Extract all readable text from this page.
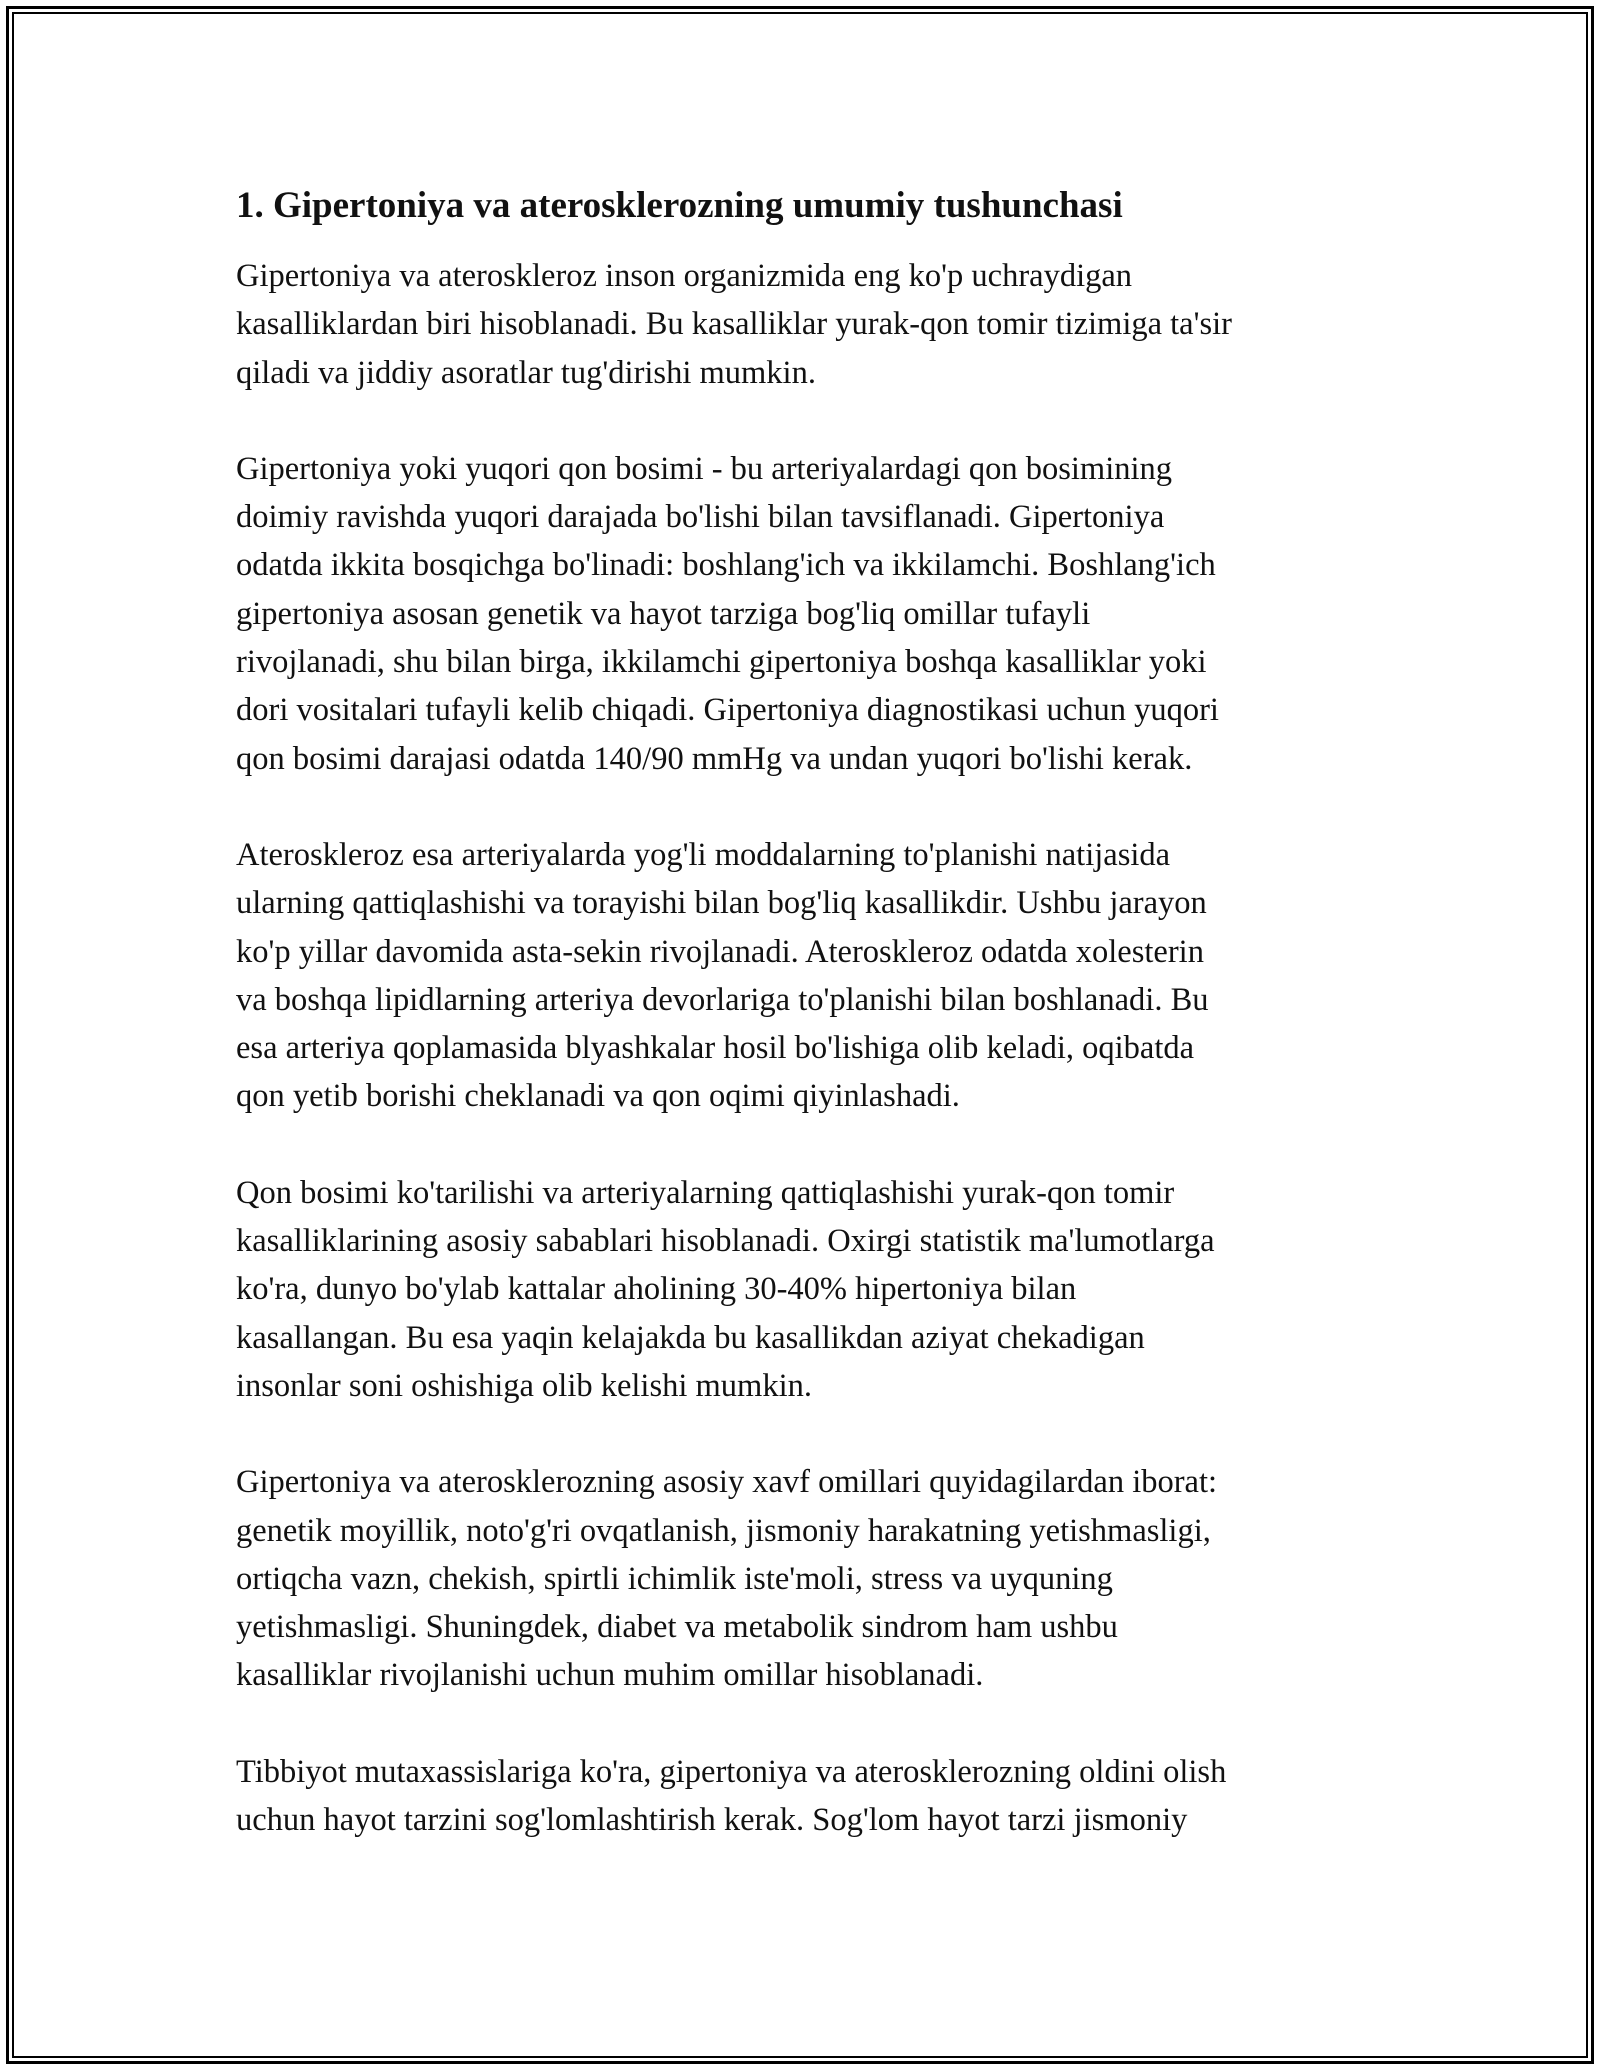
1. Gipertoniya va aterosklerozning umumiy tushunchasi
Gipertoniya va ateroskleroz inson organizmida eng ko'p uchraydigan
kasalliklardan biri hisoblanadi. Bu kasalliklar yurak-qon tomir tizimiga ta'sir
qiladi va jiddiy asoratlar tug'dirishi mumkin.
Gipertoniya yoki yuqori qon bosimi - bu arteriyalardagi qon bosimining
doimiy ravishda yuqori darajada bo'lishi bilan tavsiflanadi. Gipertoniya
odatda ikkita bosqichga bo'linadi: boshlang'ich va ikkilamchi. Boshlang'ich
gipertoniya asosan genetik va hayot tarziga bog'liq omillar tufayli
rivojlanadi, shu bilan birga, ikkilamchi gipertoniya boshqa kasalliklar yoki
dori vositalari tufayli kelib chiqadi. Gipertoniya diagnostikasi uchun yuqori
qon bosimi darajasi odatda 140/90 mmHg va undan yuqori bo'lishi kerak.
Ateroskleroz esa arteriyalarda yog'li moddalarning to'planishi natijasida
ularning qattiqlashishi va torayishi bilan bog'liq kasallikdir. Ushbu jarayon
ko'p yillar davomida asta-sekin rivojlanadi. Ateroskleroz odatda xolesterin
va boshqa lipidlarning arteriya devorlariga to'planishi bilan boshlanadi. Bu
esa arteriya qoplamasida blyashkalar hosil bo'lishiga olib keladi, oqibatda
qon yetib borishi cheklanadi va qon oqimi qiyinlashadi.
Qon bosimi ko'tarilishi va arteriyalarning qattiqlashishi yurak-qon tomir
kasalliklarining asosiy sabablari hisoblanadi. Oxirgi statistik ma'lumotlarga
ko'ra, dunyo bo'ylab kattalar aholining 30-40% hipertoniya bilan
kasallangan. Bu esa yaqin kelajakda bu kasallikdan aziyat chekadigan
insonlar soni oshishiga olib kelishi mumkin.
Gipertoniya va aterosklerozning asosiy xavf omillari quyidagilardan iborat:
genetik moyillik, noto'g'ri ovqatlanish, jismoniy harakatning yetishmasligi,
ortiqcha vazn, chekish, spirtli ichimlik iste'moli, stress va uyquning
yetishmasligi. Shuningdek, diabet va metabolik sindrom ham ushbu
kasalliklar rivojlanishi uchun muhim omillar hisoblanadi.
Tibbiyot mutaxassislariga ko'ra, gipertoniya va aterosklerozning oldini olish
uchun hayot tarzini sog'lomlashtirish kerak. Sog'lom hayot tarzi jismoniy
